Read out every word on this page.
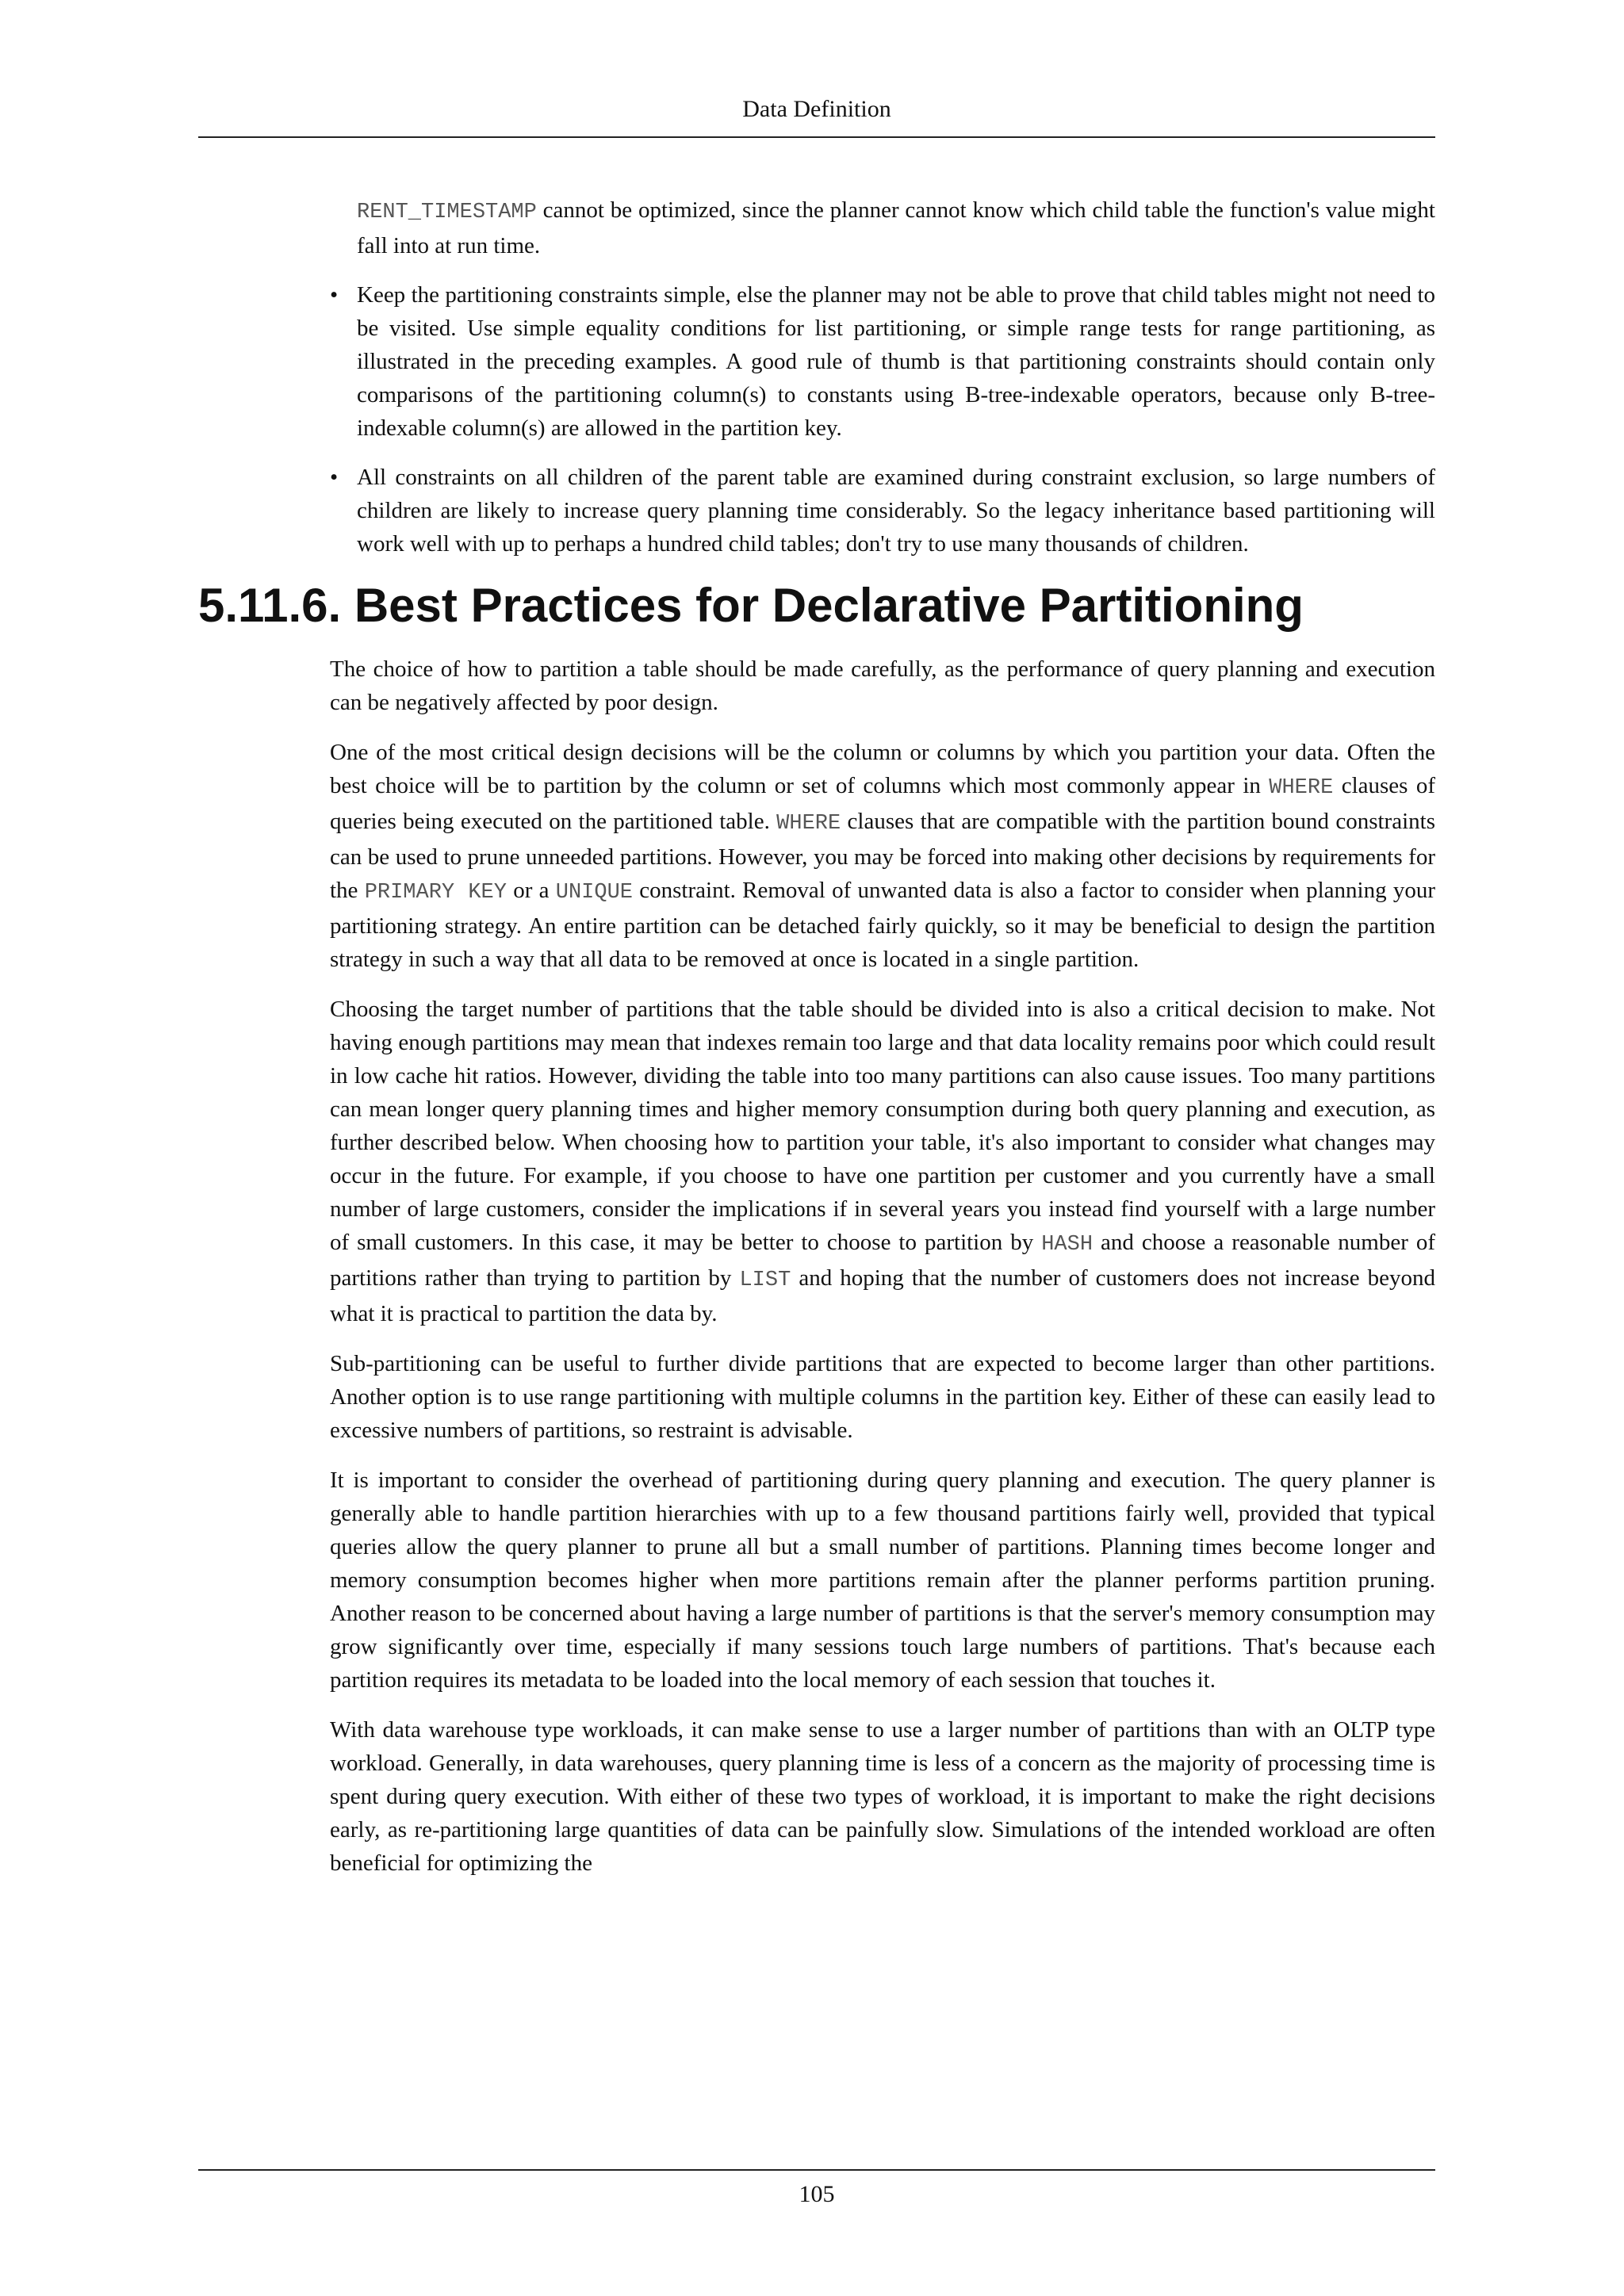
Data Definition

RENT_TIMESTAMP cannot be optimized, since the planner cannot know which child table the function's value might fall into at run time.

• Keep the partitioning constraints simple, else the planner may not be able to prove that child tables might not need to be visited. Use simple equality conditions for list partitioning, or simple range tests for range partitioning, as illustrated in the preceding examples. A good rule of thumb is that partitioning constraints should contain only comparisons of the partitioning column(s) to constants using B-tree-indexable operators, because only B-tree-indexable column(s) are allowed in the partition key.
• All constraints on all children of the parent table are examined during constraint exclusion, so large numbers of children are likely to increase query planning time considerably. So the legacy inheritance based partitioning will work well with up to perhaps a hundred child tables; don't try to use many thousands of children.
5.11.6. Best Practices for Declarative Partitioning

The choice of how to partition a table should be made carefully, as the performance of query planning and execution can be negatively affected by poor design.

One of the most critical design decisions will be the column or columns by which you partition your data. Often the best choice will be to partition by the column or set of columns which most commonly appear in WHERE clauses of queries being executed on the partitioned table. WHERE clauses that are compatible with the partition bound constraints can be used to prune unneeded partitions. However, you may be forced into making other decisions by requirements for the PRIMARY KEY or a UNIQUE constraint. Removal of unwanted data is also a factor to consider when planning your partitioning strategy. An entire partition can be detached fairly quickly, so it may be beneficial to design the partition strategy in such a way that all data to be removed at once is located in a single partition.

Choosing the target number of partitions that the table should be divided into is also a critical decision to make. Not having enough partitions may mean that indexes remain too large and that data locality remains poor which could result in low cache hit ratios. However, dividing the table into too many partitions can also cause issues. Too many partitions can mean longer query planning times and higher memory consumption during both query planning and execution, as further described below. When choosing how to partition your table, it's also important to consider what changes may occur in the future. For example, if you choose to have one partition per customer and you currently have a small number of large customers, consider the implications if in several years you instead find yourself with a large number of small customers. In this case, it may be better to choose to partition by HASH and choose a reasonable number of partitions rather than trying to partition by LIST and hoping that the number of customers does not increase beyond what it is practical to partition the data by.

Sub-partitioning can be useful to further divide partitions that are expected to become larger than other partitions. Another option is to use range partitioning with multiple columns in the partition key. Either of these can easily lead to excessive numbers of partitions, so restraint is advisable.

It is important to consider the overhead of partitioning during query planning and execution. The query planner is generally able to handle partition hierarchies with up to a few thousand partitions fairly well, provided that typical queries allow the query planner to prune all but a small number of partitions. Planning times become longer and memory consumption becomes higher when more partitions remain after the planner performs partition pruning. Another reason to be concerned about having a large number of partitions is that the server's memory consumption may grow significantly over time, especially if many sessions touch large numbers of partitions. That's because each partition requires its metadata to be loaded into the local memory of each session that touches it.

With data warehouse type workloads, it can make sense to use a larger number of partitions than with an OLTP type workload. Generally, in data warehouses, query planning time is less of a concern as the majority of processing time is spent during query execution. With either of these two types of workload, it is important to make the right decisions early, as re-partitioning large quantities of data can be painfully slow. Simulations of the intended workload are often beneficial for optimizing the

105
